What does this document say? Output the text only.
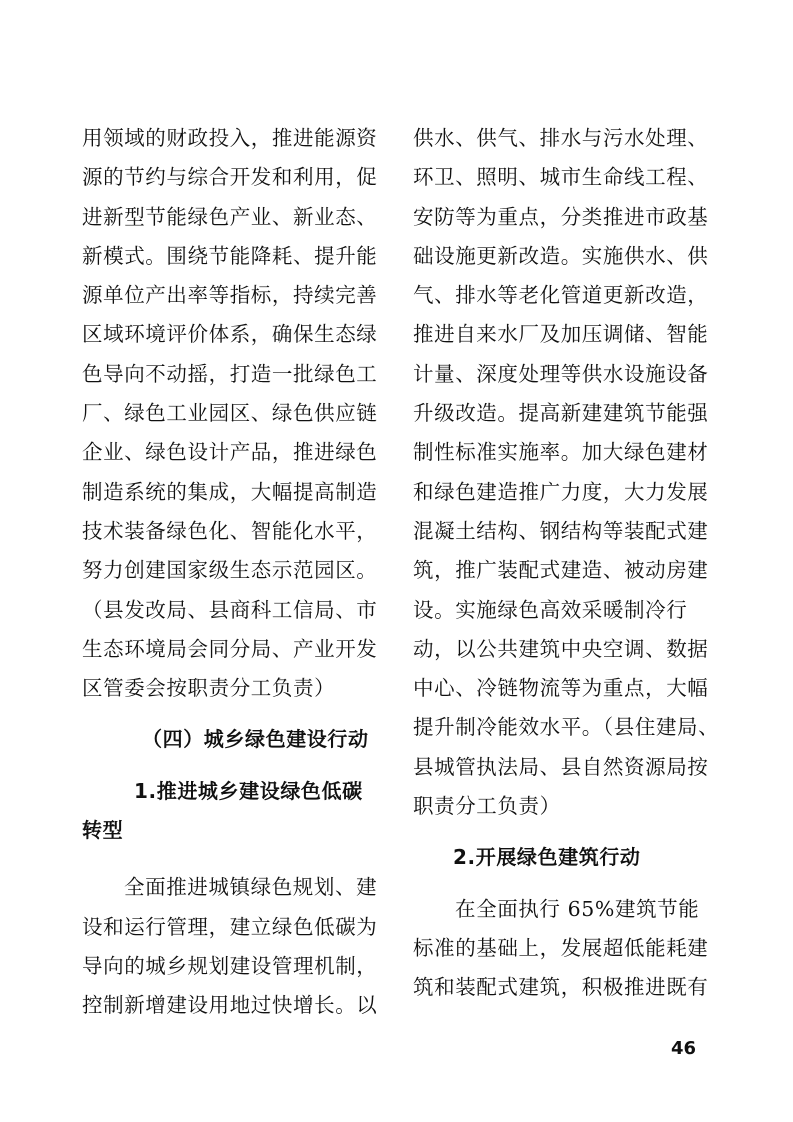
用领域的财政投入，推进能源资
源的节约与综合开发和利用，促
进新型节能绿色产业、新业态、
新模式。围绕节能降耗、提升能
源单位产出率等指标，持续完善
区域环境评价体系，确保生态绿
色导向不动摇，打造一批绿色工
厂、绿色工业园区、绿色供应链
企业、绿色设计产品，推进绿色
制造系统的集成，大幅提高制造
技术装备绿色化、智能化水平，
努力创建国家级生态示范园区。
（县发改局、县商科工信局、市
生态环境局会同分局、产业开发
区管委会按职责分工负责）
（四）城乡绿色建设行动
1.推进城乡建设绿色低碳
转型
全面推进城镇绿色规划、建
设和运行管理，建立绿色低碳为
导向的城乡规划建设管理机制，
控制新增建设用地过快增长。以
供水、供气、排水与污水处理、
环卫、照明、城市生命线工程、
安防等为重点，分类推进市政基
础设施更新改造。实施供水、供
气、排水等老化管道更新改造，
推进自来水厂及加压调储、智能
计量、深度处理等供水设施设备
升级改造。提高新建建筑节能强
制性标准实施率。加大绿色建材
和绿色建造推广力度，大力发展
混凝土结构、钢结构等装配式建
筑，推广装配式建造、被动房建
设。实施绿色高效采暖制冷行
动，以公共建筑中央空调、数据
中心、冷链物流等为重点，大幅
提升制冷能效水平。（县住建局、
县城管执法局、县自然资源局按
职责分工负责）
2.开展绿色建筑行动
在全面执行 65%建筑节能
标准的基础上，发展超低能耗建
筑和装配式建筑，积极推进既有
46
